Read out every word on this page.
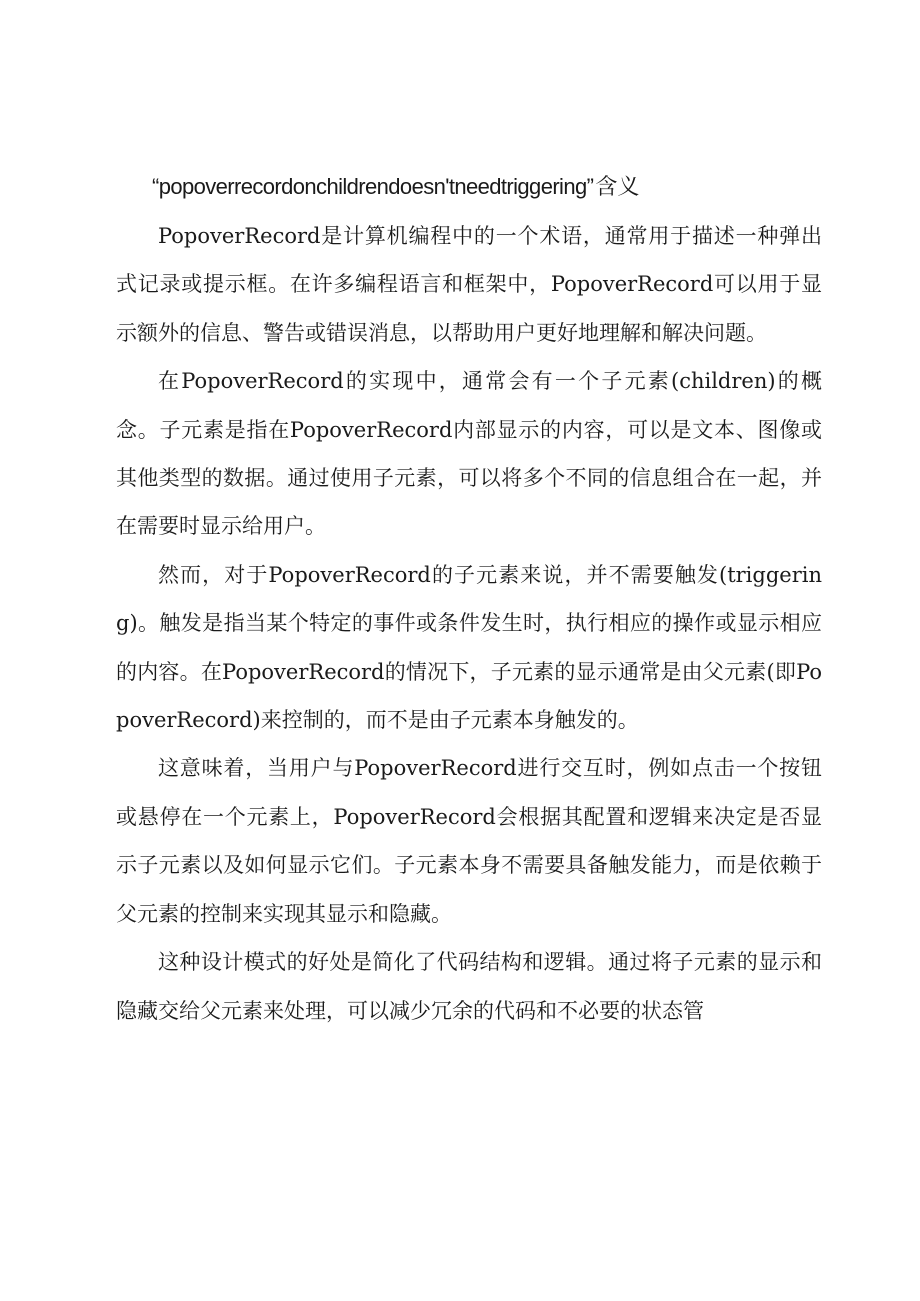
“popoverrecordonchildrendoesn'tneedtriggering”含义

PopoverRecord是计算机编程中的一个术语，通常用于描述一种弹出式记录或提示框。在许多编程语言和框架中，PopoverRecord可以用于显示额外的信息、警告或错误消息，以帮助用户更好地理解和解决问题。

在PopoverRecord的实现中，通常会有一个子元素(children)的概念。子元素是指在PopoverRecord内部显示的内容，可以是文本、图像或其他类型的数据。通过使用子元素，可以将多个不同的信息组合在一起，并在需要时显示给用户。

然而，对于PopoverRecord的子元素来说，并不需要触发(triggering)。触发是指当某个特定的事件或条件发生时，执行相应的操作或显示相应的内容。在PopoverRecord的情况下，子元素的显示通常是由父元素(即PopoverRecord)来控制的，而不是由子元素本身触发的。

这意味着，当用户与PopoverRecord进行交互时，例如点击一个按钮或悬停在一个元素上，PopoverRecord会根据其配置和逻辑来决定是否显示子元素以及如何显示它们。子元素本身不需要具备触发能力，而是依赖于父元素的控制来实现其显示和隐藏。

这种设计模式的好处是简化了代码结构和逻辑。通过将子元素的显示和隐藏交给父元素来处理，可以减少冗余的代码和不必要的状态管
